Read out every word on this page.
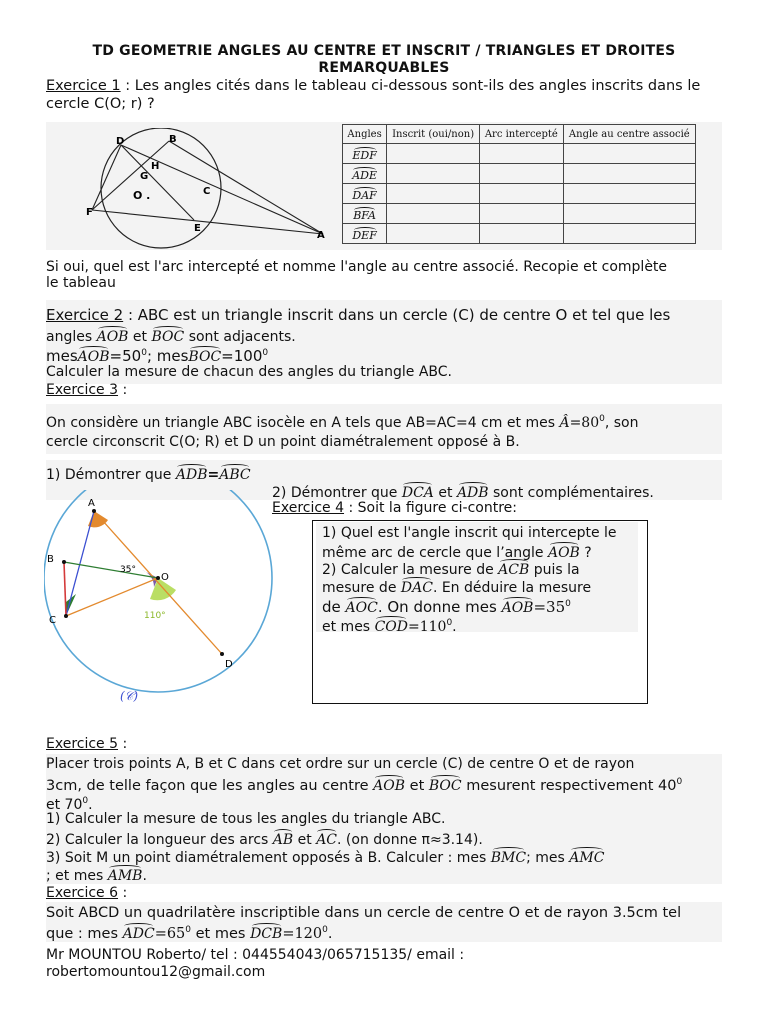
TD GEOMETRIE ANGLES AU CENTRE ET INSCRIT / TRIANGLES ET DROITES
REMARQUABLES
Exercice 1 : Les angles cités dans le tableau ci-dessous sont-ils des angles inscrits dans le
cercle C(O; r) ?
D	B
H
G
O .	C
F
E
A
Angles	Inscrit (oui/non)	Arc intercepté	Angle au centre associé
EDF			
ADE			
DAF			
BFA			
DEF			
Si oui, quel est l'arc intercepté et nomme l'angle au centre associé. Recopie et complète
le tableau
Exercice 2 : ABC est un triangle inscrit dans un cercle (C) de centre O et tel que les
angles AOB et BOC sont adjacents.
$mesAOB=50^0$; $mesBOC=100^0$
Calculer la mesure de chacun des angles du triangle ABC.
Exercice 3 :
On considère un triangle ABC isocèle en A tels que AB=AC=4 cm et mes $Â=80^0$, son
cercle circonscrit C(O; R) et D un point diamétralement opposé à B.
1) Démontrer que ADB=ABC
2) Démontrer que DCA et ADB sont complémentaires.
A
B
C
O
D
35°
110°
(𝒞)
Exercice 4 : Soit la figure ci-contre:
1) Quel est l'angle inscrit qui intercepte le
même arc de cercle que l’angle AOB ?
2) Calculer la mesure de ACB puis la
mesure de DAC. En déduire la mesure
de AOC. On donne mes $AOB=35^0$
et mes $COD=110^0$.
Exercice 5 :
Placer trois points A, B et C dans cet ordre sur un cercle (C) de centre O et de rayon
3cm, de telle façon que les angles au centre AOB et BOC mesurent respectivement $40^0$
et $70^0$.
1) Calculer la mesure de tous les angles du triangle ABC.
2) Calculer la longueur des arcs AB et AC. (on donne π≈3.14).
3) Soit M un point diamétralement opposés à B. Calculer : mes BMC; mes AMC
; et mes AMB.
Exercice 6 :
Soit ABCD un quadrilatère inscriptible dans un cercle de centre O et de rayon 3.5cm tel
que : mes $ADC=65^0$ et mes $DCB=120^0$.
Mr MOUNTOU Roberto/ tel : 044554043/065715135/ email :
robertomountou12@gmail.com
